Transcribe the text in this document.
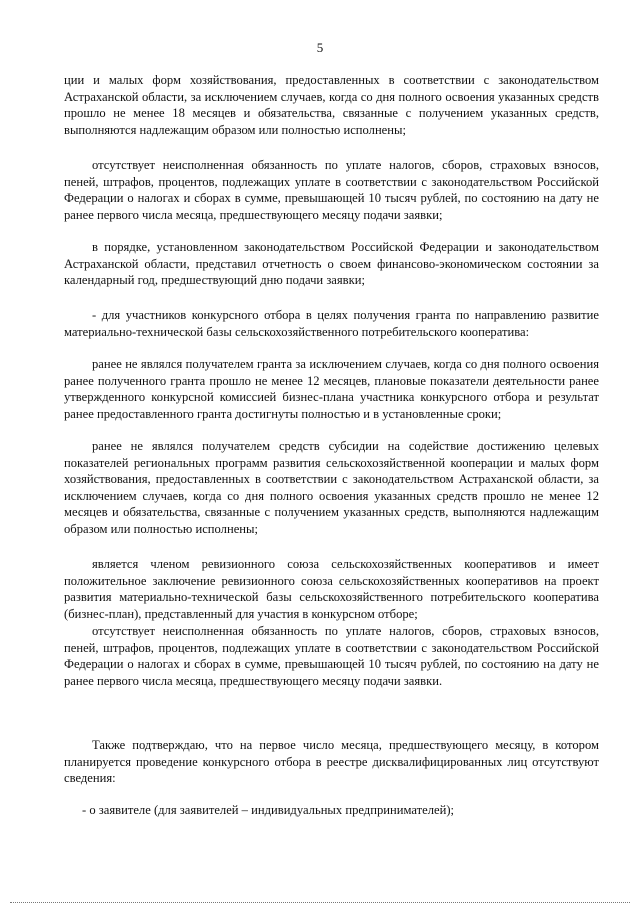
5

ции и малых форм хозяйствования, предоставленных в соответствии с законодательством Астраханской области, за исключением случаев, когда со дня полного освоения указанных средств прошло не менее 18 месяцев и обязательства, связанные с получением указанных средств, выполняются надлежащим образом или полностью исполнены;

отсутствует неисполненная обязанность по уплате налогов, сборов, страховых взносов, пеней, штрафов, процентов, подлежащих уплате в соответствии с законодательством Российской Федерации о налогах и сборах в сумме, превышающей 10 тысяч рублей, по состоянию на дату не ранее первого числа месяца, предшествующего месяцу подачи заявки;

в порядке, установленном законодательством Российской Федерации и законодательством Астраханской области, представил отчетность о своем финансово-экономическом состоянии за календарный год, предшествующий дню подачи заявки;

- для участников конкурсного отбора в целях получения гранта по направлению развитие материально-технической базы сельскохозяйственного потребительского кооператива:

ранее не являлся получателем гранта за исключением случаев, когда со дня полного освоения ранее полученного гранта прошло не менее 12 месяцев, плановые показатели деятельности ранее утвержденного конкурсной комиссией бизнес-плана участника конкурсного отбора и результат ранее предоставленного гранта достигнуты полностью и в установленные сроки;

ранее не являлся получателем средств субсидии на содействие достижению целевых показателей региональных программ развития сельскохозяйственной кооперации и малых форм хозяйствования, предоставленных в соответствии с законодательством Астраханской области, за исключением случаев, когда со дня полного освоения указанных средств прошло не менее 12 месяцев и обязательства, связанные с получением указанных средств, выполняются надлежащим образом или полностью исполнены;

является членом ревизионного союза сельскохозяйственных кооперативов и имеет положительное заключение ревизионного союза сельскохозяйственных кооперативов на проект развития материально-технической базы сельскохозяйственного потребительского кооператива (бизнес-план), представленный для участия в конкурсном отборе;

отсутствует неисполненная обязанность по уплате налогов, сборов, страховых взносов, пеней, штрафов, процентов, подлежащих уплате в соответствии с законодательством Российской Федерации о налогах и сборах в сумме, превышающей 10 тысяч рублей, по состоянию на дату не ранее первого числа месяца, предшествующего месяцу подачи заявки.

Также подтверждаю, что на первое число месяца, предшествующего месяцу, в котором планируется проведение конкурсного отбора в реестре дисквалифицированных лиц отсутствуют сведения:

- о заявителе (для заявителей – индивидуальных предпринимателей);
